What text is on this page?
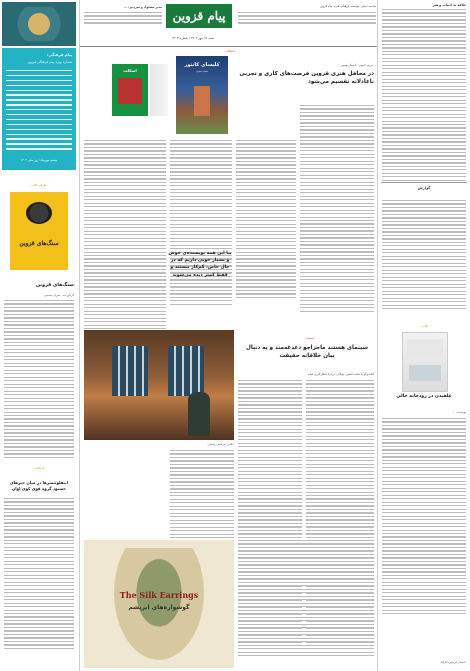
علاقه به ادبیات و هنر
گزارش
کتاب
علفیدن در رودخانه خالی
نویسنده: ...
داستان فریدون کارکیا
پیام قزوین
صاحب امتیاز: مؤسسه فرهنگی هنری پیام قزوین
مدیر مسئول و سردبیر: ...
شنبه ۱۵ مهر ۱۴۰۲ / شماره ۲۲۰۴
پیام فرهنگی:
شماره ویژه پیام فرهنگی قزوین
بیستم مهرماه؛ روز ملی ۱۴۰۲
معرفی کتاب
سنگ‌های قزوین
سنگ‌های قزوین
گردآورنده: عمران حسینی
یادداشت
اینفلوئنسرها در میان خبرهای خشنود گروه قوی کوی اوان
اسکلت
کلیسای کانتور
حمید حبیبی
اسکلت
مریم حبیبی: داستان‌نویس
در محافل هنری قزوین فرصت‌های کاری و تجربی ناعادلانه تقسیم می‌شود
بیا این همه نویسنده‌ی خوش و بسیار خوبی داریم که در حال خاص، کم‌کار نیستند و فقط کمتر دیده می‌شوند
عکس: مراسم رونمایی
سینما
سینمای هستند ماجراجو دغدغه‌مند و به دنبال بیان خلاقانه حقیقت
گفت‌وگو با محمدحسین مولائی درباره شکل‌گیری فیلم
The Silk Earrings
گوشواره‌های ابریشم
